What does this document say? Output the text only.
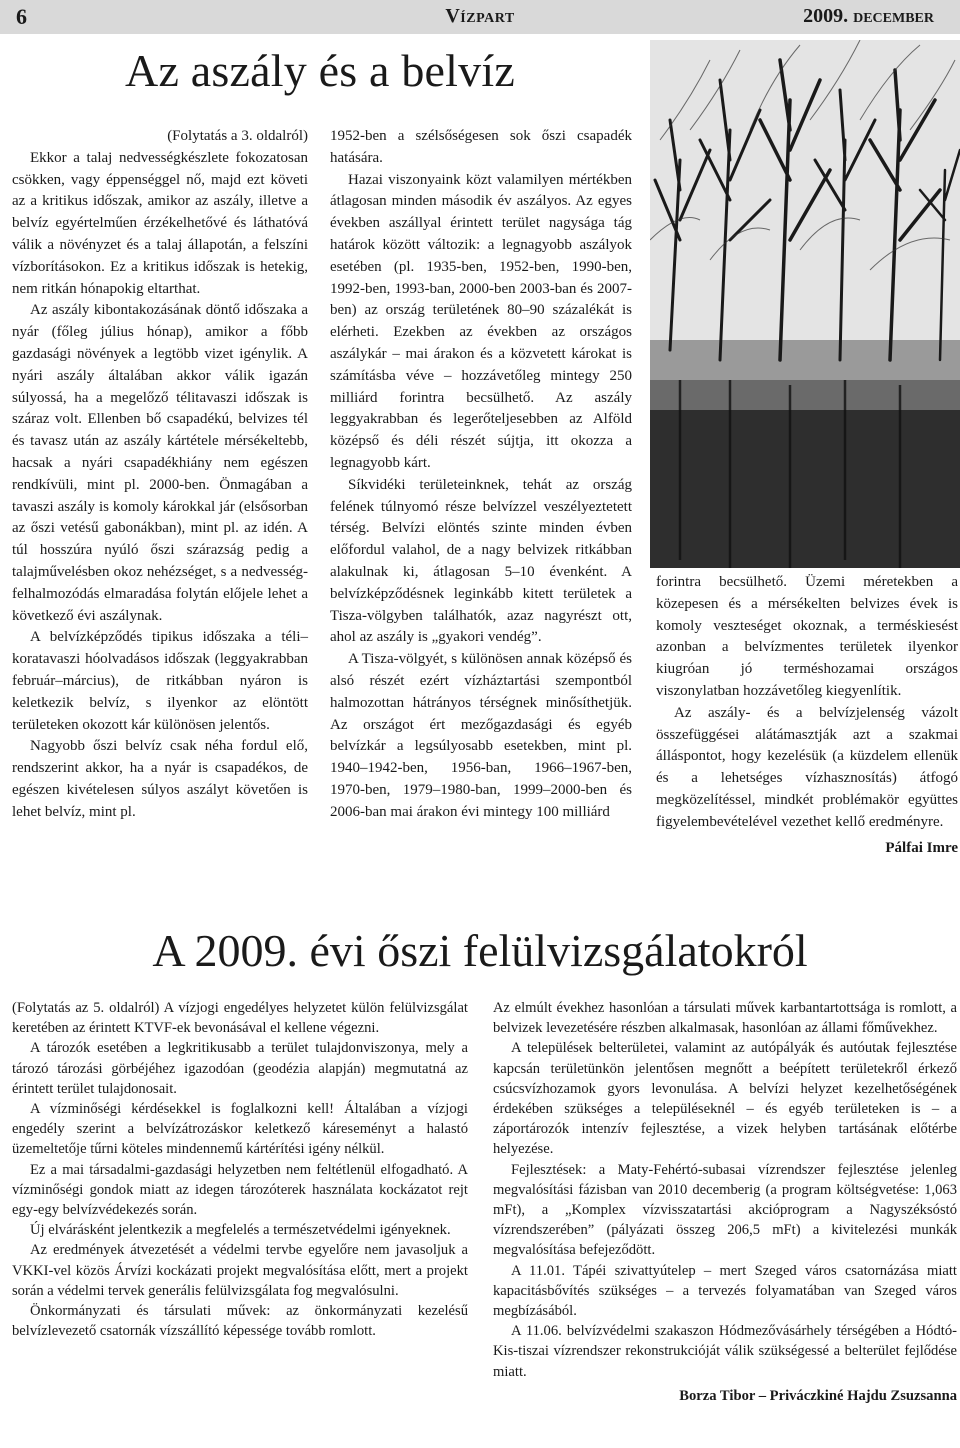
6	Vízpart	2009. december
Az aszály és a belvíz

(Folytatás a 3. oldalról)

Ekkor a talaj nedvességkészlete fokozatosan csökken, vagy éppenséggel nő, majd ezt követi az a kritikus időszak, amikor az aszály, illetve a belvíz egyértelműen érzékelhetővé és láthatóvá válik a növényzet és a talaj állapotán, a felszíni vízborításokon. Ez a kritikus időszak is hetekig, nem ritkán hónapokig eltarthat.

Az aszály kibontakozásának döntő időszaka a nyár (főleg július hónap), amikor a főbb gazdasági növények a legtöbb vizet igénylik. A nyári aszály általában akkor válik igazán súlyossá, ha a megelőző télitavaszi időszak is száraz volt. Ellenben bő csapadékú, belvizes tél és tavasz után az aszály kártétele mérsékeltebb, hacsak a nyári csapadékhiány nem egészen rendkívüli, mint pl. 2000-ben. Önmagában a tavaszi aszály is komoly károkkal jár (elsősorban az őszi vetésű gabonákban), mint pl. az idén. A túl hosszúra nyúló őszi szárazság pedig a talajművelésben okoz nehézséget, s a nedvesség-felhalmozódás elmaradása folytán előjele lehet a következő évi aszálynak.

A belvízképződés tipikus időszaka a téli–koratavaszi hóolvadásos időszak (leggyakrabban február–március), de ritkábban nyáron is keletkezik belvíz, s ilyenkor az elöntött területeken okozott kár különösen jelentős.

Nagyobb őszi belvíz csak néha fordul elő, rendszerint akkor, ha a nyár is csapadékos, de egészen kivételesen súlyos aszályt követően is lehet belvíz, mint pl.

1952-ben a szélsőségesen sok őszi csapadék hatására.

Hazai viszonyaink közt valamilyen mértékben átlagosan minden második év aszályos. Az egyes években aszállyal érintett terület nagysága tág határok között változik: a legnagyobb aszályok esetében (pl. 1935-ben, 1952-ben, 1990-ben, 1992-ben, 1993-ban, 2000-ben 2003-ban és 2007-ben) az ország területének 80–90 százalékát is elérheti. Ezekben az években az országos aszálykár – mai árakon és a közvetett károkat is számításba véve – hozzávetőleg mintegy 250 milliárd forintra becsülhető. Az aszály leggyakrabban és legerőteljesebben az Alföld középső és déli részét sújtja, itt okozza a legnagyobb kárt.

Síkvidéki területeinknek, tehát az ország felének túlnyomó része belvízzel veszélyeztetett térség. Belvízi elöntés szinte minden évben előfordul valahol, de a nagy belvizek ritkábban alakulnak ki, átlagosan 5–10 évenként. A belvízképződésnek leginkább kitett területek a Tisza-völgyben találhatók, azaz nagyrészt ott, ahol az aszály is „gyakori vendég”.

A Tisza-völgyét, s különösen annak középső és alsó részét ezért vízháztartási szempontból halmozottan hátrányos térségnek minősíthetjük. Az országot ért mezőgazdasági és egyéb belvízkár a legsúlyosabb esetekben, mint pl. 1940–1942-ben, 1956-ban, 1966–1967-ben, 1970-ben, 1979–1980-ban, 1999–2000-ben és 2006-ban mai árakon évi mintegy 100 milliárd

forintra becsülhető. Üzemi méretekben a közepesen és a mérsékelten belvizes évek is komoly veszteséget okoznak, a terméskiesést azonban a belvízmentes területek ilyenkor kiugróan jó terméshozamai országos viszonylatban hozzávetőleg kiegyenlítik.

Az aszály- és a belvízjelenség vázolt összefüggései alátámasztják azt a szakmai álláspontot, hogy kezelésük (a küzdelem ellenük és a lehetséges vízhasznosítás) átfogó megközelítéssel, mindkét problémakör együttes figyelembevételével vezethet kellő eredményre.

Pálfai Imre

A 2009. évi őszi felülvizsgálatokról

(Folytatás az 5. oldalról) A vízjogi engedélyes helyzetet külön felülvizsgálat keretében az érintett KTVF-ek bevonásával el kellene végezni.

A tározók esetében a legkritikusabb a terület tulajdonviszonya, mely a tározó tározási görbéjéhez igazodóan (geodézia alapján) megmutatná az érintett terület tulajdonosait.

A vízminőségi kérdésekkel is foglalkozni kell! Általában a vízjogi engedély szerint a belvízátrozáskor keletkező káreseményt a halastó üzemeltetője tűrni köteles mindennemű kártérítési igény nélkül.

Ez a mai társadalmi-gazdasági helyzetben nem feltétlenül elfogadható. A vízminőségi gondok miatt az idegen tározóterek használata kockázatot rejt egy-egy belvízvédekezés során.

Új elvárásként jelentkezik a megfelelés a természetvédelmi igényeknek.

Az eredmények átvezetését a védelmi tervbe egyelőre nem javasoljuk a VKKI-vel közös Árvízi kockázati projekt megvalósítása előtt, mert a projekt során a védelmi tervek generális felülvizsgálata fog megvalósulni.

Önkormányzati és társulati művek: az önkormányzati kezelésű belvízlevezető csatornák vízszállító képessége tovább romlott.

Az elmúlt évekhez hasonlóan a társulati művek karbantartottsága is romlott, a belvizek levezetésére részben alkalmasak, hasonlóan az állami főművekhez.

A települések belterületei, valamint az autópályák és autóutak fejlesztése kapcsán területünkön jelentősen megnőtt a beépített területekről érkező csúcsvízhozamok gyors levonulása. A belvízi helyzet kezelhetőségének érdekében szükséges a településeknél – és egyéb területeken is – a záportározók intenzív fejlesztése, a vizek helyben tartásának előtérbe helyezése.

Fejlesztések: a Maty-Fehértó-subasai vízrendszer fejlesztése jelenleg megvalósítási fázisban van 2010 decemberig (a program költségvetése: 1,063 mFt), a „Komplex vízvisszatartási akcióprogram a Nagyszéksóstó vízrendszerében” (pályázati összeg 206,5 mFt) a kivitelezési munkák megvalósítása befejeződött.

A 11.01. Tápéi szivattyútelep – mert Szeged város csatornázása miatt kapacitásbővítés szükséges – a tervezés folyamatában van Szeged város megbízásából.

A 11.06. belvízvédelmi szakaszon Hódmezővásárhely térségében a Hódtó-Kis-tiszai vízrendszer rekonstrukcióját válik szükségessé a belterület fejlődése miatt.

Borza Tibor – Priváczkiné Hajdu Zsuzsanna
